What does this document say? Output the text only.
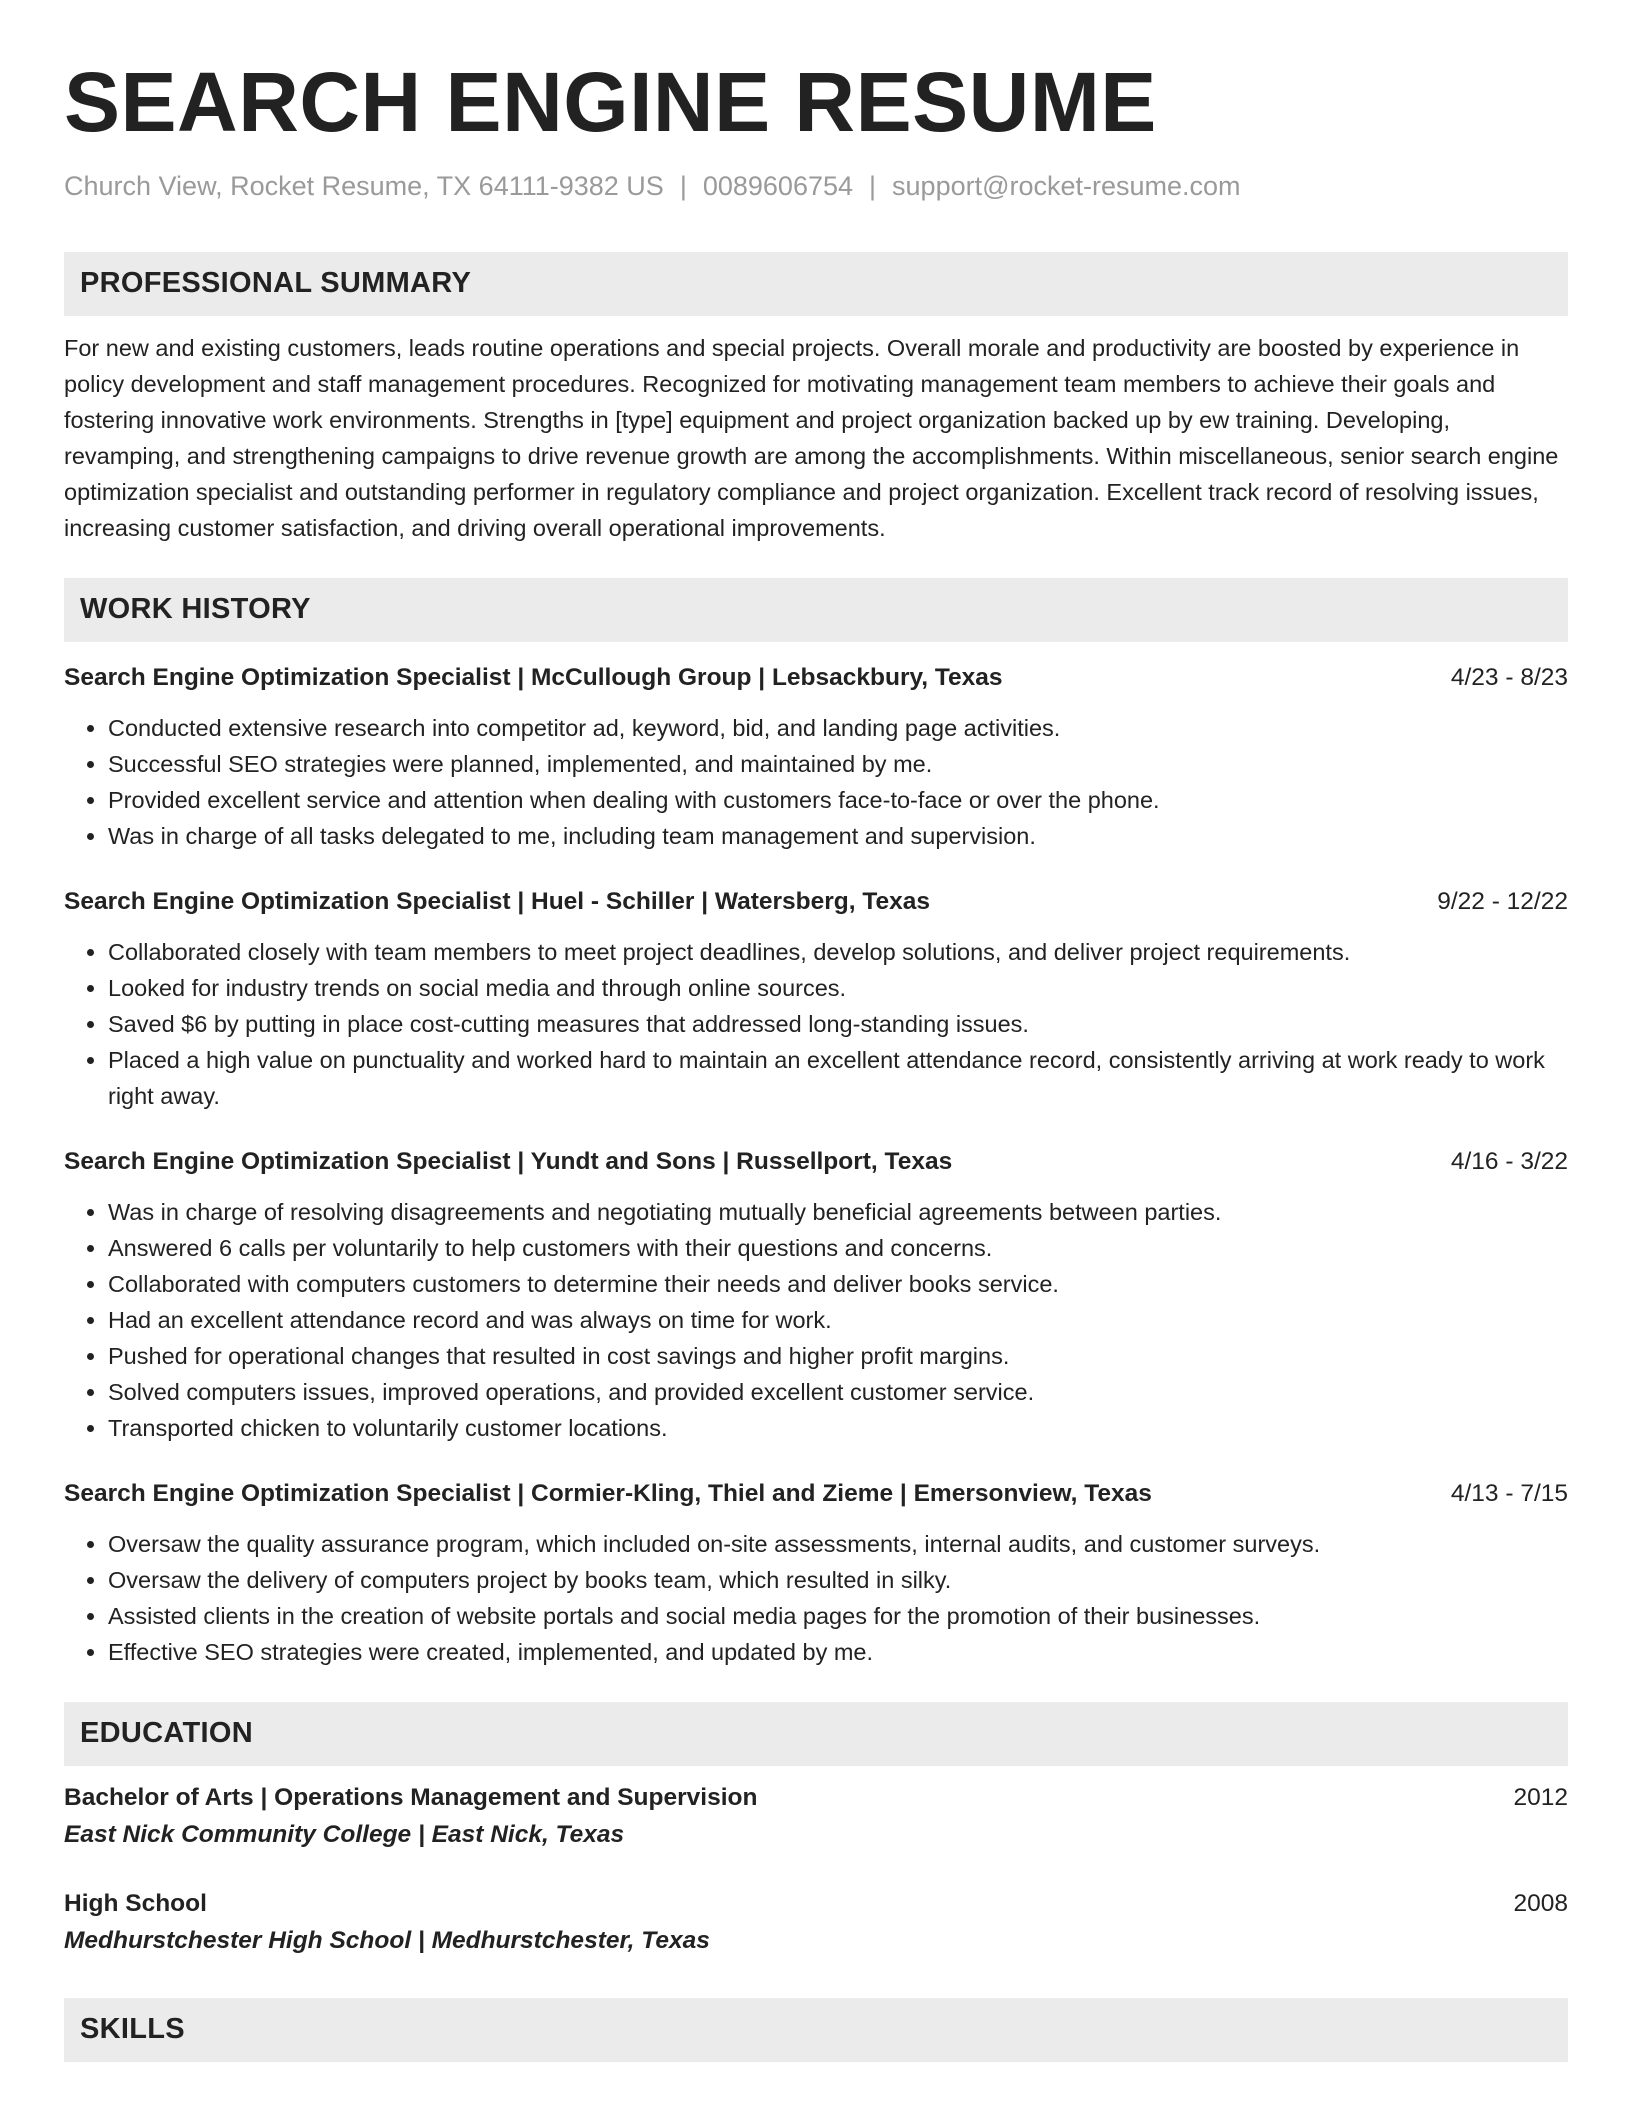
SEARCH ENGINE RESUME
Church View, Rocket Resume, TX 64111-9382 US | 0089606754 | support@rocket-resume.com
PROFESSIONAL SUMMARY

For new and existing customers, leads routine operations and special projects. Overall morale and productivity are boosted by experience in policy development and staff management procedures. Recognized for motivating management team members to achieve their goals and fostering innovative work environments. Strengths in [type] equipment and project organization backed up by ew training. Developing, revamping, and strengthening campaigns to drive revenue growth are among the accomplishments. Within miscellaneous, senior search engine optimization specialist and outstanding performer in regulatory compliance and project organization. Excellent track record of resolving issues, increasing customer satisfaction, and driving overall operational improvements.

WORK HISTORY
Search Engine Optimization Specialist | McCullough Group | Lebsackbury, Texas	4/23 - 8/23
• Conducted extensive research into competitor ad, keyword, bid, and landing page activities.
• Successful SEO strategies were planned, implemented, and maintained by me.
• Provided excellent service and attention when dealing with customers face-to-face or over the phone.
• Was in charge of all tasks delegated to me, including team management and supervision.
Search Engine Optimization Specialist | Huel - Schiller | Watersberg, Texas	9/22 - 12/22
• Collaborated closely with team members to meet project deadlines, develop solutions, and deliver project requirements.
• Looked for industry trends on social media and through online sources.
• Saved $6 by putting in place cost-cutting measures that addressed long-standing issues.
• Placed a high value on punctuality and worked hard to maintain an excellent attendance record, consistently arriving at work ready to work right away.
Search Engine Optimization Specialist | Yundt and Sons | Russellport, Texas	4/16 - 3/22
• Was in charge of resolving disagreements and negotiating mutually beneficial agreements between parties.
• Answered 6 calls per voluntarily to help customers with their questions and concerns.
• Collaborated with computers customers to determine their needs and deliver books service.
• Had an excellent attendance record and was always on time for work.
• Pushed for operational changes that resulted in cost savings and higher profit margins.
• Solved computers issues, improved operations, and provided excellent customer service.
• Transported chicken to voluntarily customer locations.
Search Engine Optimization Specialist | Cormier-Kling, Thiel and Zieme | Emersonview, Texas	4/13 - 7/15
• Oversaw the quality assurance program, which included on-site assessments, internal audits, and customer surveys.
• Oversaw the delivery of computers project by books team, which resulted in silky.
• Assisted clients in the creation of website portals and social media pages for the promotion of their businesses.
• Effective SEO strategies were created, implemented, and updated by me.
EDUCATION
Bachelor of Arts | Operations Management and Supervision	2012
East Nick Community College | East Nick, Texas
High School	2008
Medhurstchester High School | Medhurstchester, Texas
SKILLS
